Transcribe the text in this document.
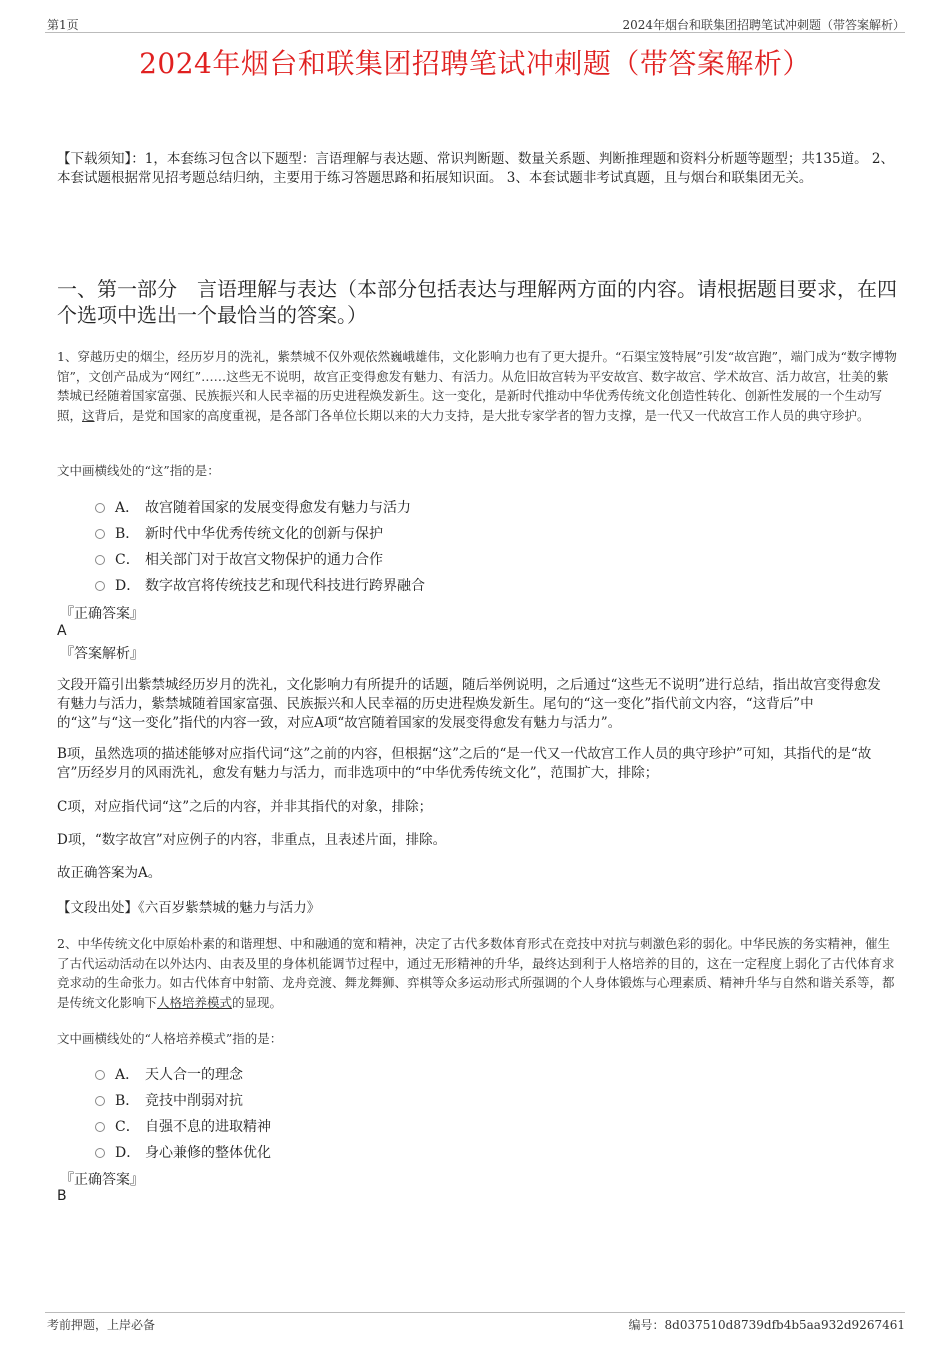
第1页	2024年烟台和联集团招聘笔试冲刺题（带答案解析）
2024年烟台和联集团招聘笔试冲刺题（带答案解析）
【下载须知】：1，本套练习包含以下题型：言语理解与表达题、常识判断题、数量关系题、判断推理题和资料分析题等题型；共135道。 2、本套试题根据常见招考题总结归纳，主要用于练习答题思路和拓展知识面。 3、本套试题非考试真题，且与烟台和联集团无关。
一、第一部分　言语理解与表达（本部分包括表达与理解两方面的内容。请根据题目要求，在四个选项中选出一个最恰当的答案。）
1、穿越历史的烟尘，经历岁月的洗礼，紫禁城不仅外观依然巍峨雄伟，文化影响力也有了更大提升。“石渠宝笈特展”引发“故宫跑”，端门成为“数字博物馆”，文创产品成为“网红”……这些无不说明，故宫正变得愈发有魅力、有活力。从危旧故宫转为平安故宫、数字故宫、学术故宫、活力故宫，壮美的紫禁城已经随着国家富强、民族振兴和人民幸福的历史进程焕发新生。这一变化，是新时代推动中华优秀传统文化创造性转化、创新性发展的一个生动写照，这背后，是党和国家的高度重视，是各部门各单位长期以来的大力支持，是大批专家学者的智力支撑，是一代又一代故宫工作人员的典守珍护。
文中画横线处的“这”指的是：
A． 故宫随着国家的发展变得愈发有魅力与活力
B． 新时代中华优秀传统文化的创新与保护
C． 相关部门对于故宫文物保护的通力合作
D． 数字故宫将传统技艺和现代科技进行跨界融合
『正确答案』
A
『答案解析』
文段开篇引出紫禁城经历岁月的洗礼，文化影响力有所提升的话题，随后举例说明，之后通过“这些无不说明”进行总结，指出故宫变得愈发有魅力与活力，紫禁城随着国家富强、民族振兴和人民幸福的历史进程焕发新生。尾句的“这一变化”指代前文内容，“这背后”中的“这”与“这一变化”指代的内容一致，对应A项“故宫随着国家的发展变得愈发有魅力与活力”。
B项，虽然选项的描述能够对应指代词“这”之前的内容，但根据“这”之后的“是一代又一代故宫工作人员的典守珍护”可知，其指代的是“故宫”历经岁月的风雨洗礼，愈发有魅力与活力，而非选项中的“中华优秀传统文化”，范围扩大，排除；
C项，对应指代词“这”之后的内容，并非其指代的对象，排除；
D项，“数字故宫”对应例子的内容，非重点，且表述片面，排除。
故正确答案为A。
【文段出处】《六百岁紫禁城的魅力与活力》
2、中华传统文化中原始朴素的和谐理想、中和融通的宽和精神，决定了古代多数体育形式在竞技中对抗与刺激色彩的弱化。中华民族的务实精神，催生了古代运动活动在以外达内、由表及里的身体机能调节过程中，通过无形精神的升华，最终达到利于人格培养的目的，这在一定程度上弱化了古代体育求竞求动的生命张力。如古代体育中射箭、龙舟竞渡、舞龙舞狮、弈棋等众多运动形式所强调的个人身体锻炼与心理素质、精神升华与自然和谐关系等，都是传统文化影响下人格培养模式的显现。
文中画横线处的“人格培养模式”指的是：
A． 天人合一的理念
B． 竞技中削弱对抗
C． 自强不息的进取精神
D． 身心兼修的整体优化
『正确答案』
B
考前押题，上岸必备	编号：8d037510d8739dfb4b5aa932d9267461
